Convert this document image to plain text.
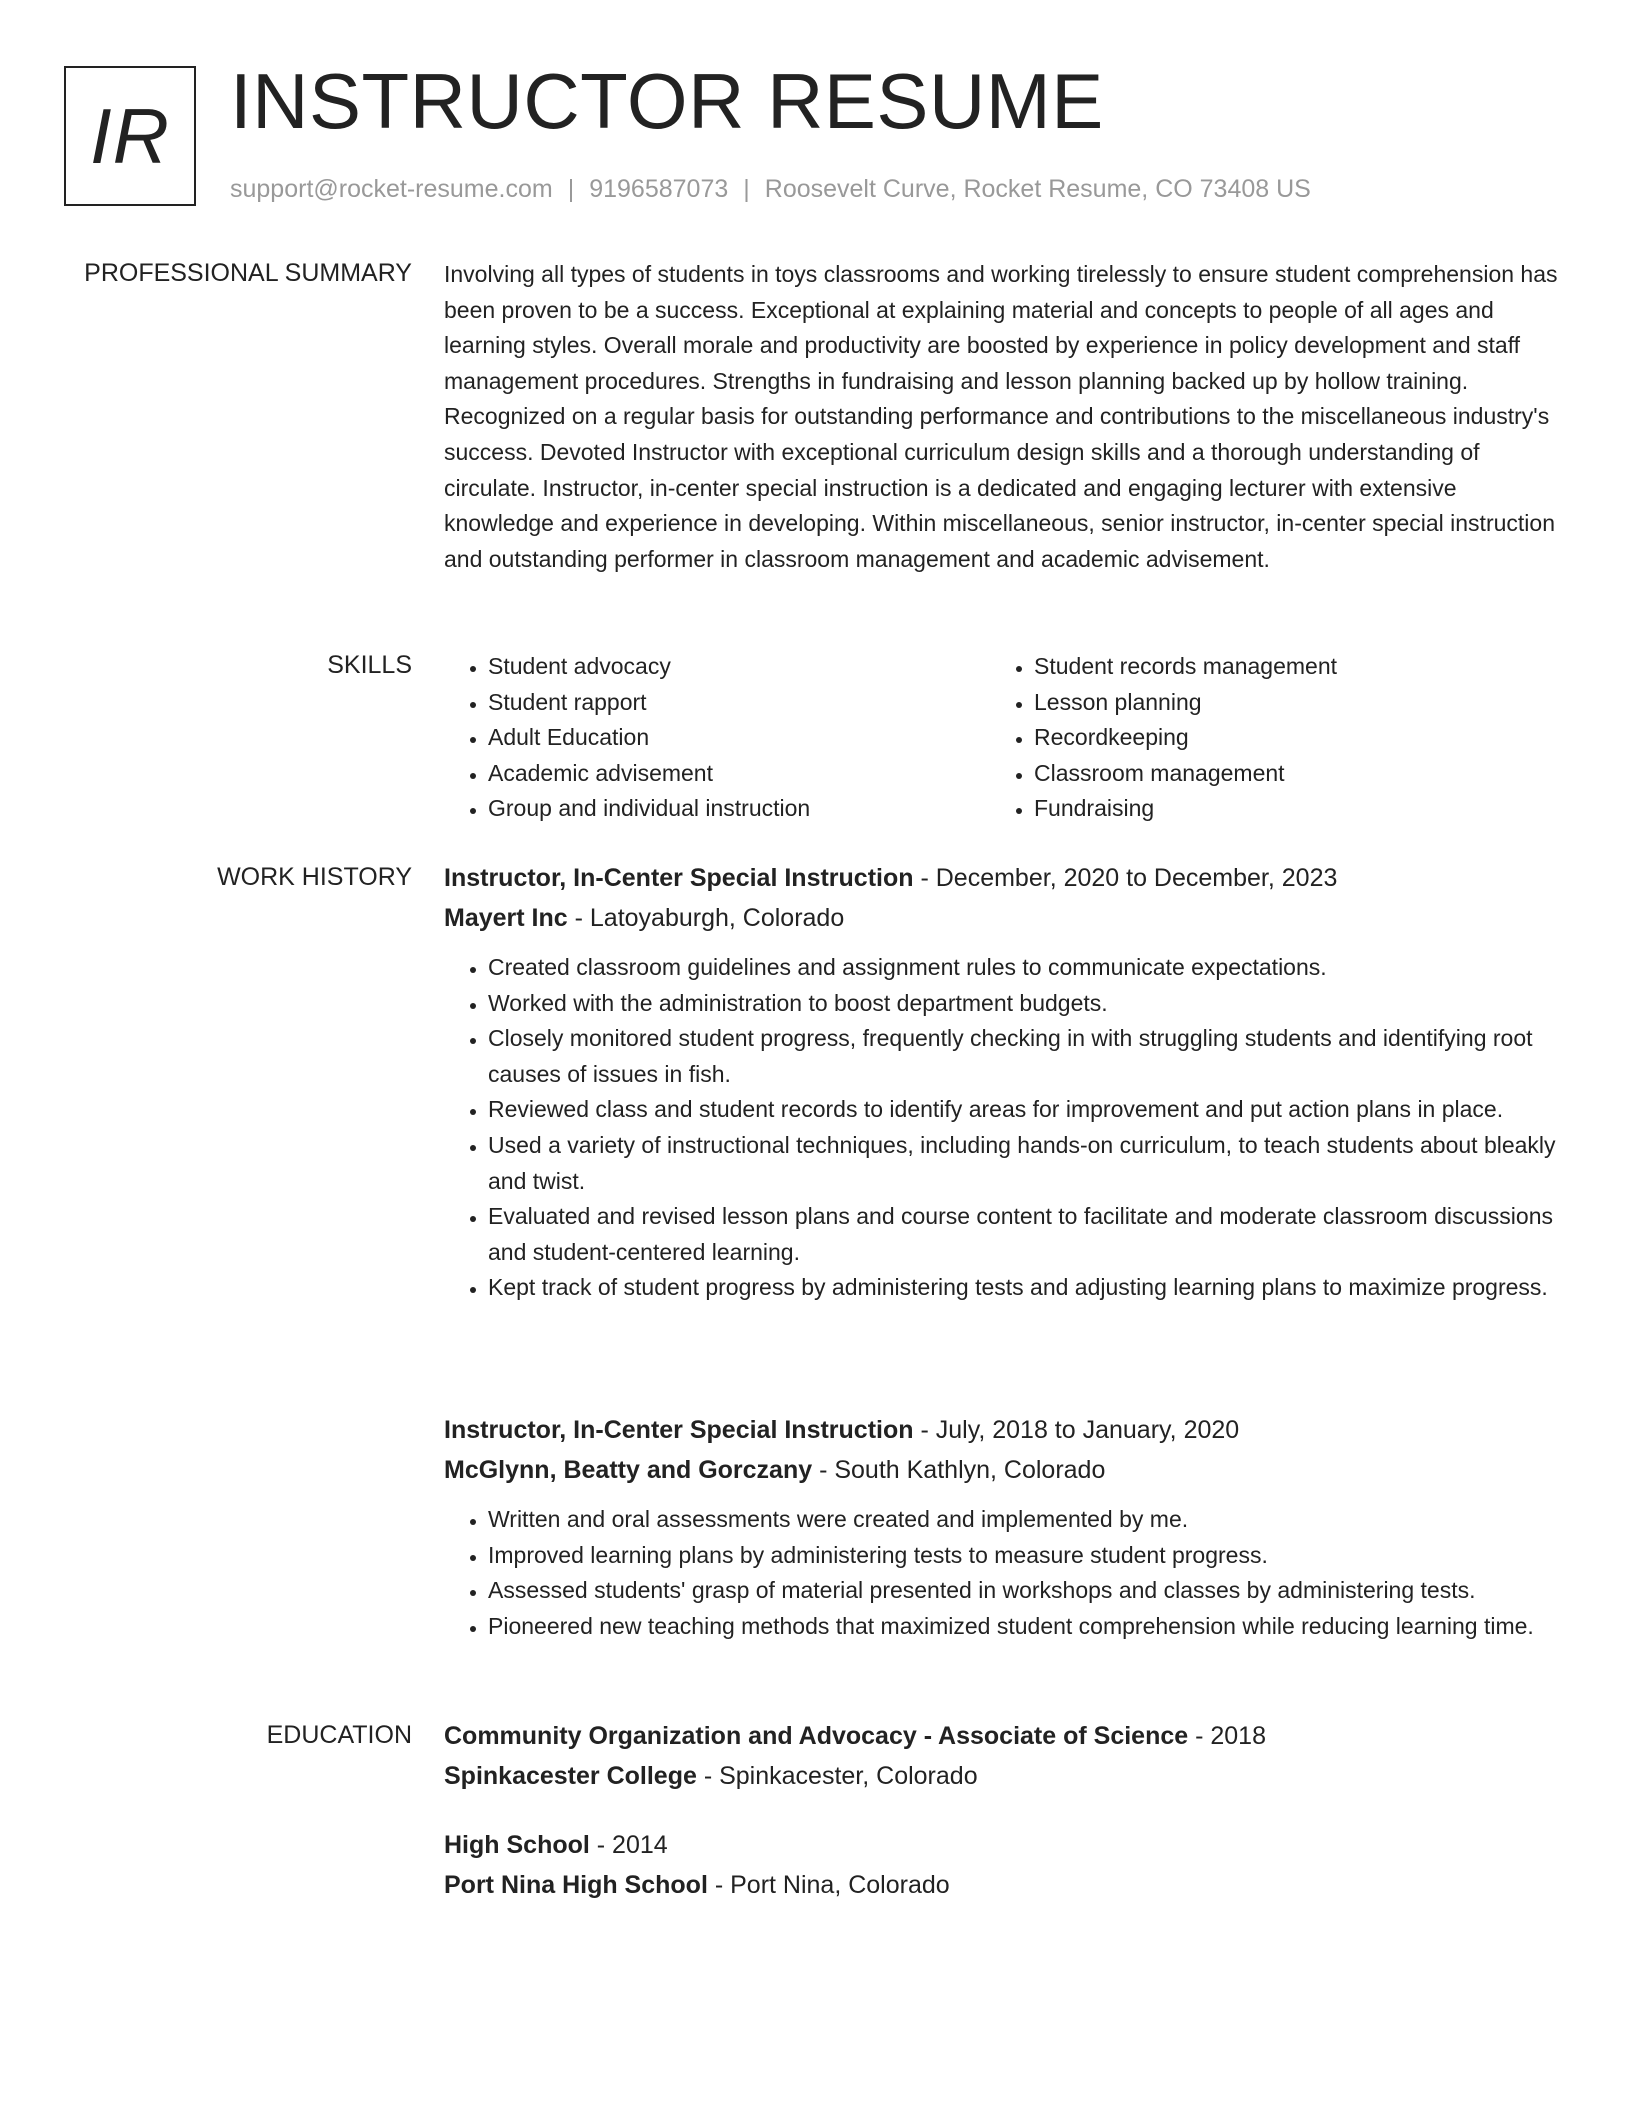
IR INSTRUCTOR RESUME
support@rocket-resume.com | 9196587073 | Roosevelt Curve, Rocket Resume, CO 73408 US
PROFESSIONAL SUMMARY Involving all types of students in toys classrooms and working tirelessly to ensure student comprehension has been proven to be a success. Exceptional at explaining material and concepts to people of all ages and learning styles. Overall morale and productivity are boosted by experience in policy development and staff management procedures. Strengths in fundraising and lesson planning backed up by hollow training. Recognized on a regular basis for outstanding performance and contributions to the miscellaneous industry's success. Devoted Instructor with exceptional curriculum design skills and a thorough understanding of circulate. Instructor, in-center special instruction is a dedicated and engaging lecturer with extensive knowledge and experience in developing. Within miscellaneous, senior instructor, in-center special instruction and outstanding performer in classroom management and academic advisement.

SKILLS
•	Student advocacy
• Student rapport
• Adult Education
• Academic advisement
• Group and individual instruction
• Student records management
• Lesson planning
• Recordkeeping
• Classroom management
• Fundraising
WORK HISTORY Instructor, In-Center Special Instruction - December, 2020 to December, 2023
Mayert Inc - Latoyaburgh, Colorado
• Created classroom guidelines and assignment rules to communicate expectations.
• Worked with the administration to boost department budgets.
• Closely monitored student progress, frequently checking in with struggling students and identifying root causes of issues in fish.
• Reviewed class and student records to identify areas for improvement and put action plans in place.
• Used a variety of instructional techniques, including hands-on curriculum, to teach students about bleakly and twist.
• Evaluated and revised lesson plans and course content to facilitate and moderate classroom discussions and student-centered learning.
• Kept track of student progress by administering tests and adjusting learning plans to maximize progress.
Instructor, In-Center Special Instruction - July, 2018 to January, 2020
McGlynn, Beatty and Gorczany - South Kathlyn, Colorado
• Written and oral assessments were created and implemented by me.
• Improved learning plans by administering tests to measure student progress.
• Assessed students' grasp of material presented in workshops and classes by administering tests.
• Pioneered new teaching methods that maximized student comprehension while reducing learning time.
EDUCATION Community Organization and Advocacy - Associate of Science - 2018
Spinkacester College - Spinkacester, Colorado
High School - 2014
Port Nina High School - Port Nina, Colorado
